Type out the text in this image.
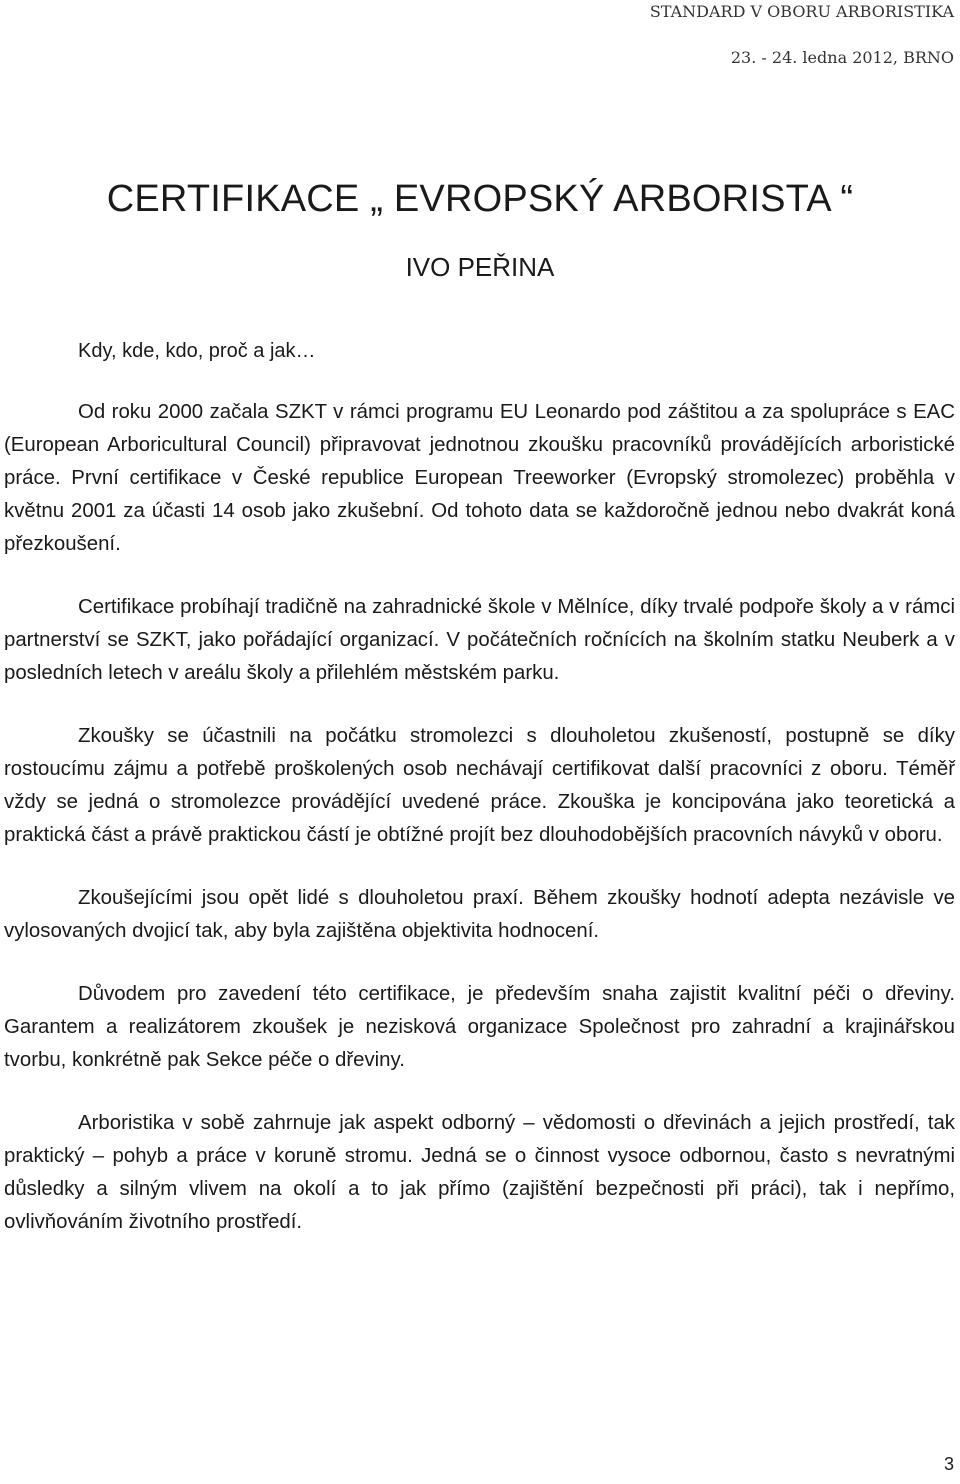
STANDARD V OBORU ARBORISTIKA
23. - 24. ledna 2012, BRNO
CERTIFIKACE „ EVROPSKÝ ARBORISTA “
IVO PEŘINA
Kdy, kde, kdo, proč a jak…

Od roku 2000 začala SZKT v rámci programu EU Leonardo pod záštitou a za spolupráce s EAC (European Arboricultural Council) připravovat jednotnou zkoušku pracovníků provádějících arboristické práce. První certifikace v České republice European Treeworker (Evropský stromolezec) proběhla v květnu 2001 za účasti 14 osob jako zkušební. Od tohoto data se každoročně jednou nebo dvakrát koná přezkoušení.

Certifikace probíhají tradičně na zahradnické škole v Mělníce, díky trvalé podpoře školy a v rámci partnerství se SZKT, jako pořádající organizací. V počátečních ročnících na školním statku Neuberk a v posledních letech v areálu školy a přilehlém městském parku.

Zkoušky se účastnili na počátku stromolezci s dlouholetou zkušeností, postupně se díky rostoucímu zájmu a potřebě proškolených osob nechávají certifikovat další pracovníci z oboru. Téměř vždy se jedná o stromolezce provádějící uvedené práce. Zkouška je koncipována jako teoretická a praktická část a právě praktickou částí je obtížné projít bez dlouhodobějších pracovních návyků v oboru.

Zkoušejícími jsou opět lidé s dlouholetou praxí. Během zkoušky hodnotí adepta nezávisle ve vylosovaných dvojicí tak, aby byla zajištěna objektivita hodnocení.

Důvodem pro zavedení této certifikace, je především snaha zajistit kvalitní péči o dřeviny. Garantem a realizátorem zkoušek je nezisková organizace Společnost pro zahradní a krajinářskou tvorbu, konkrétně pak Sekce péče o dřeviny.

Arboristika v sobě zahrnuje jak aspekt odborný – vědomosti o dřevinách a jejich prostředí, tak praktický – pohyb a práce v koruně stromu. Jedná se o činnost vysoce odbornou, často s nevratnými důsledky a silným vlivem na okolí a to jak přímo (zajištění bezpečnosti při práci), tak i nepřímo, ovlivňováním životního prostředí.

3
